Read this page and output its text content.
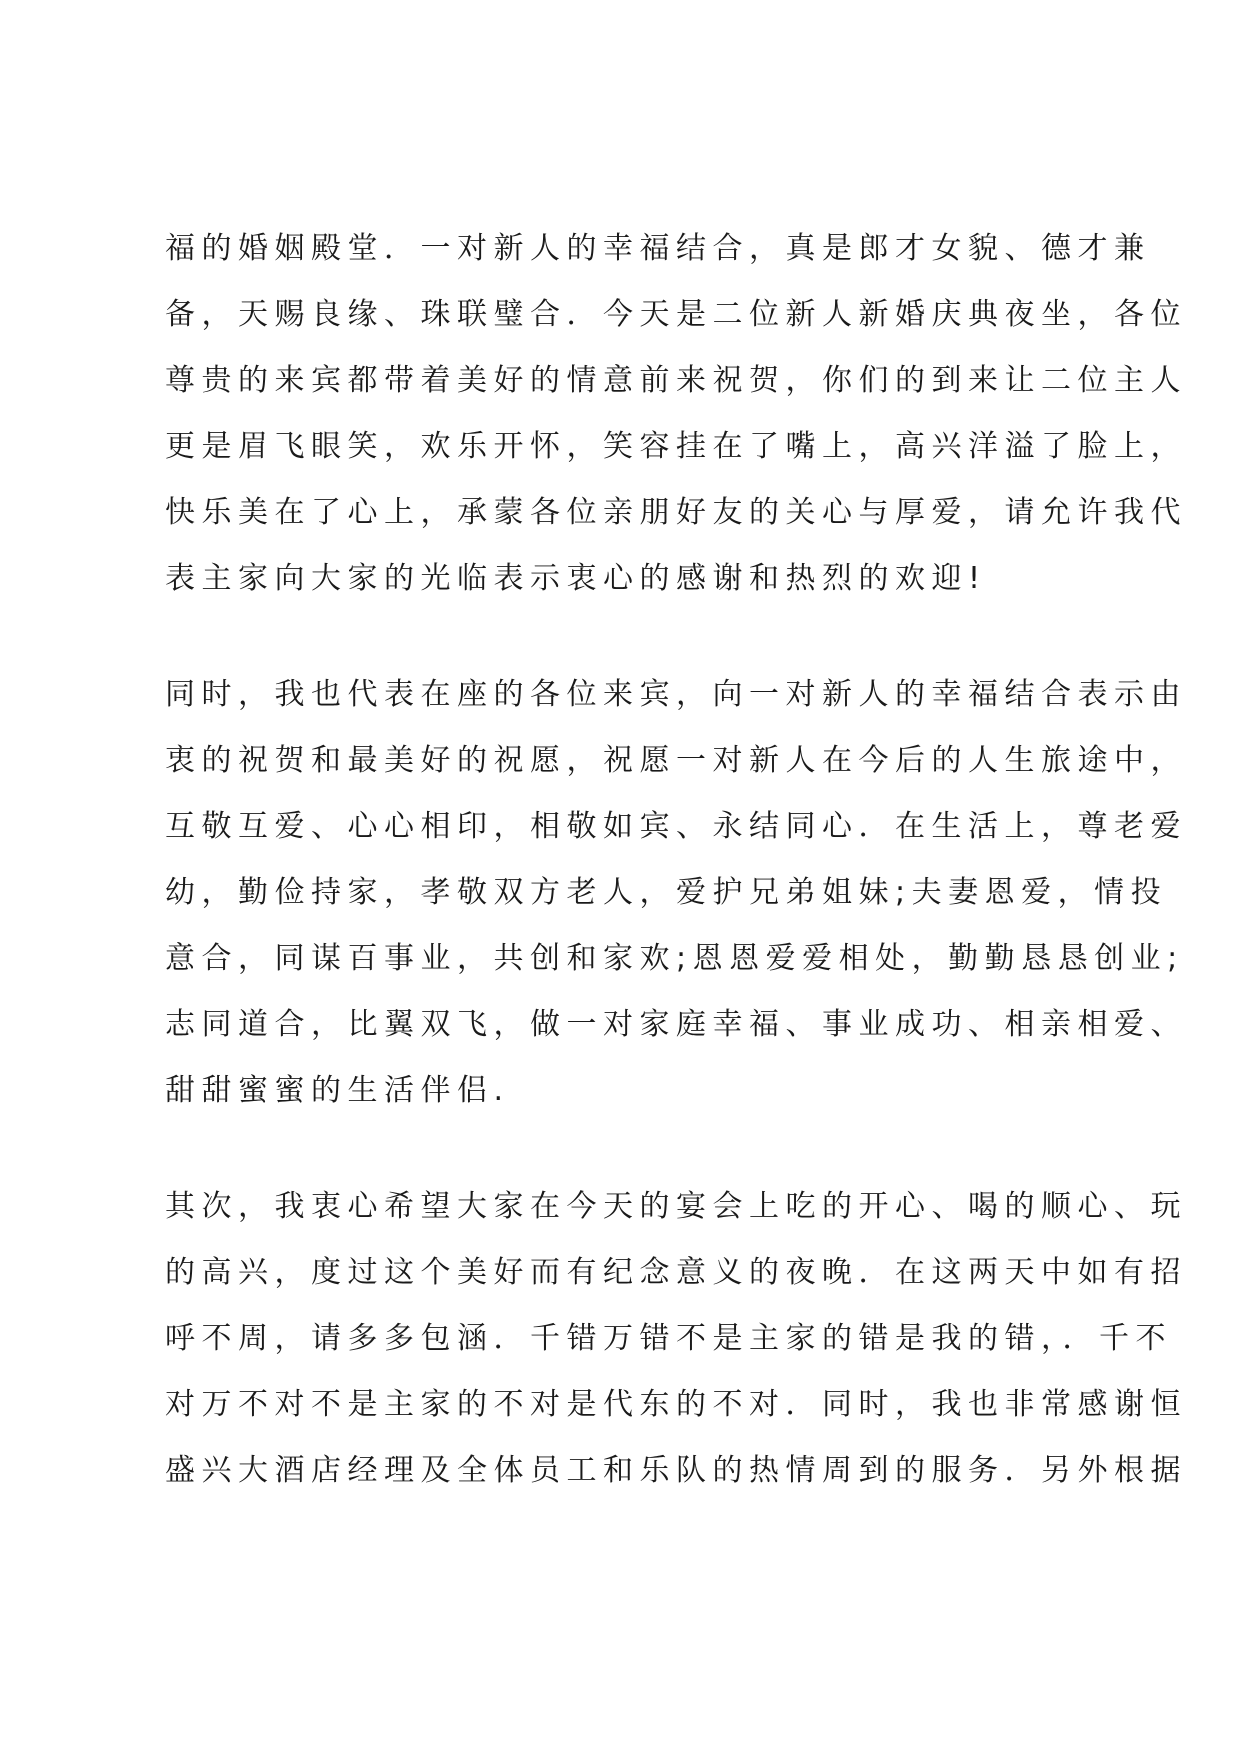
福的婚姻殿堂．一对新人的幸福结合，真是郎才女貌、德才兼
备，天赐良缘、珠联璧合．今天是二位新人新婚庆典夜坐，各位
尊贵的来宾都带着美好的情意前来祝贺，你们的到来让二位主人
更是眉飞眼笑，欢乐开怀，笑容挂在了嘴上，高兴洋溢了脸上，
快乐美在了心上，承蒙各位亲朋好友的关心与厚爱，请允许我代
表主家向大家的光临表示衷心的感谢和热烈的欢迎!
同时，我也代表在座的各位来宾，向一对新人的幸福结合表示由
衷的祝贺和最美好的祝愿，祝愿一对新人在今后的人生旅途中，
互敬互爱、心心相印，相敬如宾、永结同心．在生活上，尊老爱
幼，勤俭持家，孝敬双方老人，爱护兄弟姐妹;夫妻恩爱，情投
意合，同谋百事业，共创和家欢;恩恩爱爱相处，勤勤恳恳创业;
志同道合，比翼双飞，做一对家庭幸福、事业成功、相亲相爱、
甜甜蜜蜜的生活伴侣.
其次，我衷心希望大家在今天的宴会上吃的开心、喝的顺心、玩
的高兴，度过这个美好而有纪念意义的夜晚．在这两天中如有招
呼不周，请多多包涵．千错万错不是主家的错是我的错，．千不
对万不对不是主家的不对是代东的不对．同时，我也非常感谢恒
盛兴大酒店经理及全体员工和乐队的热情周到的服务．另外根据
